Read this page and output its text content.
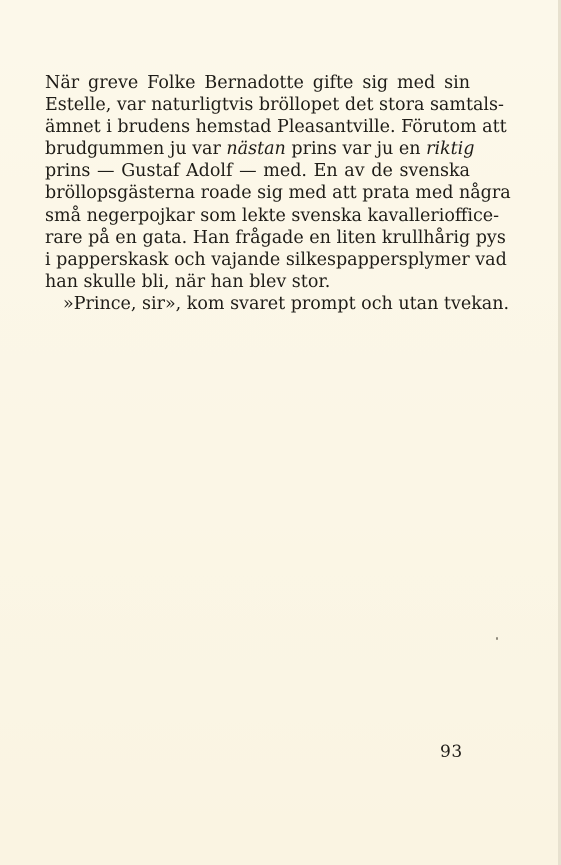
När greve Folke Bernadotte gifte sig med sin
Estelle, var naturligtvis bröllopet det stora samtals-
ämnet i brudens hemstad Pleasantville. Förutom att
brudgummen ju var nästan prins var ju en riktig
prins — Gustaf Adolf — med. En av de svenska
bröllopsgästerna roade sig med att prata med några
små negerpojkar som lekte svenska kavalleriofficе-
rare på en gata. Han frågade en liten krullhårig pys
i papperskask och vajande silkespappersplymer vad
han skulle bli, när han blev stor.
»Prince, sir», kom svaret prompt och utan tvekan.
93
